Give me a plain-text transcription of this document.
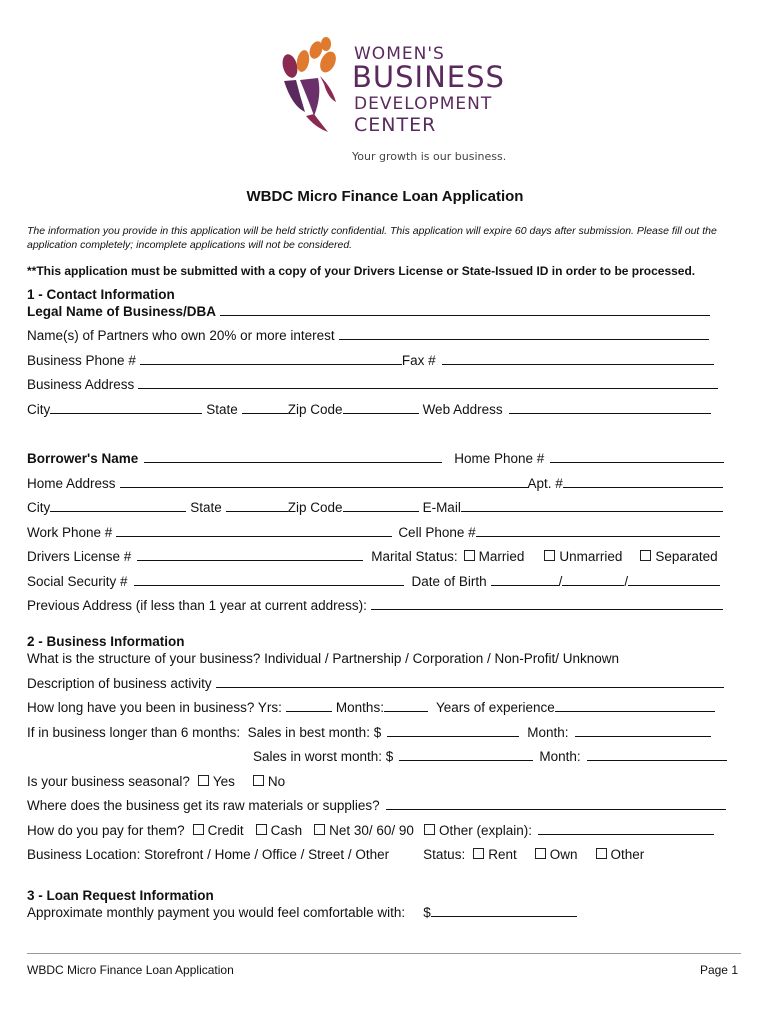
WOMEN'S
BUSINESS
DEVELOPMENT
CENTER
Your growth is our business.
WBDC Micro Finance Loan Application
The information you provide in this application will be held strictly confidential. This application will expire 60 days after submission. Please fill out the application completely; incomplete applications will not be considered.
**This application must be submitted with a copy of your Drivers License or State-Issued ID in order to be processed.
1 - Contact Information
Legal Name of Business/DBA
Name(s) of Partners who own 20% or more interest
Business Phone #	Fax #
Business Address
City	State	Zip Code	Web Address
Borrower's Name	Home Phone #
Home Address	Apt. #
City	State	Zip Code	E-Mail
Work Phone #	Cell Phone #
Drivers License #	Marital Status: Married	Unmarried Separated
Social Security #	Date of Birth	/	/
Previous Address (if less than 1 year at current address):
2 - Business Information
What is the structure of your business? Individual / Partnership / Corporation / Non-Profit/ Unknown
Description of business activity
How long have you been in business? Yrs:	Months:	Years of experience
If in business longer than 6 months:  Sales in best month: $	Month:
Sales in worst month: $	Month:
Is your business seasonal? Yes No
Where does the business get its raw materials or supplies?
How do you pay for them? Credit Cash Net 30/ 60/ 90 Other (explain):
Business Location: Storefront / Home / Office / Street / Other	Status: Rent Own Other
3 - Loan Request Information
Approximate monthly payment you would feel comfortable with: $
WBDC Micro Finance Loan Application	Page 1
